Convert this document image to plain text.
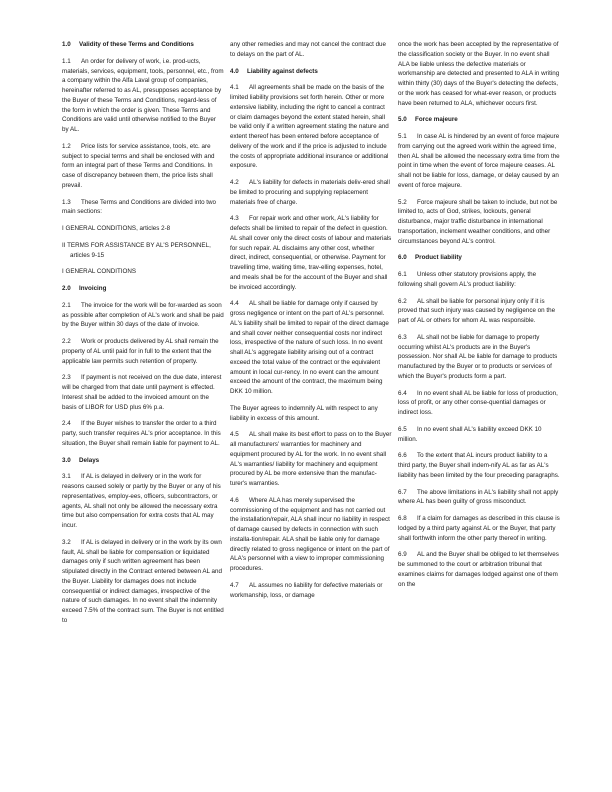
1.0 Validity of these Terms and Conditions

1.1 An order for delivery of work, i.e. prod-ucts, materials, services, equipment, tools, personnel, etc., from a company within the Alfa Laval group of companies, hereinafter referred to as AL, presupposes acceptance by the Buyer of these Terms and Conditions, regard-less of the form in which the order is given. These Terms and Conditions are valid until otherwise notified to the Buyer by AL.

1.2 Price lists for service assistance, tools, etc. are subject to special terms and shall be enclosed with and form an integral part of these Terms and Conditions. In case of discrepancy between them, the price lists shall prevail.

1.3 These Terms and Conditions are divided into two main sections:

I GENERAL CONDITIONS, articles 2-8

II TERMS FOR ASSISTANCE BY AL'S PERSONNEL, articles 9-15

I GENERAL CONDITIONS

2.0 Invoicing

2.1 The invoice for the work will be for-warded as soon as possible after completion of AL's work and shall be paid by the Buyer within 30 days of the date of invoice.

2.2 Work or products delivered by AL shall remain the property of AL until paid for in full to the extent that the applicable law permits such retention of property.

2.3 If payment is not received on the due date, interest will be charged from that date until payment is effected. Interest shall be added to the invoiced amount on the basis of LIBOR for USD plus 6% p.a.

2.4 If the Buyer wishes to transfer the order to a third party, such transfer requires AL's prior acceptance. In this situation, the Buyer shall remain liable for payment to AL.

3.0 Delays

3.1 If AL is delayed in delivery or in the work for reasons caused solely or partly by the Buyer or any of his representatives, employ-ees, officers, subcontractors, or agents, AL shall not only be allowed the necessary extra time but also compensation for extra costs that AL may incur.

3.2 If AL is delayed in delivery or in the work by its own fault, AL shall be liable for compensation or liquidated damages only if such written agreement has been stipulated directly in the Contract entered between AL and the Buyer. Liability for damages does not include consequential or indirect damages, irrespective of the nature of such damages. In no event shall the indemnity exceed 7.5% of the contract sum. The Buyer is not entitled to

any other remedies and may not cancel the contract due to delays on the part of AL.

4.0 Liability against defects

4.1 All agreements shall be made on the basis of the limited liability provisions set forth herein. Other or more extensive liability, including the right to cancel a contract or claim damages beyond the extent stated herein, shall be valid only if a written agreement stating the nature and extent thereof has been entered before acceptance of delivery of the work and if the price is adjusted to include the costs of appropriate additional insurance or additional exposure.

4.2 AL's liability for defects in materials deliv-ered shall be limited to procuring and supplying replacement materials free of charge.

4.3 For repair work and other work, AL's liability for defects shall be limited to repair of the defect in question. AL shall cover only the direct costs of labour and materials for such repair. AL disclaims any other cost, whether direct, indirect, consequential, or otherwise. Payment for travelling time, waiting time, trav-elling expenses, hotel, and meals shall be for the account of the Buyer and shall be invoiced accordingly.

4.4 AL shall be liable for damage only if caused by gross negligence or intent on the part of AL's personnel. AL's liability shall be limited to repair of the direct damage and shall cover neither consequential costs nor indirect loss, irrespective of the nature of such loss. In no event shall AL's aggregate liability arising out of a contract exceed the total value of the contract or the equivalent amount in local cur-rency. In no event can the amount exceed the amount of the contract, the maximum being DKK 10 million.

The Buyer agrees to indemnify AL with respect to any liability in excess of this amount.

4.5 AL shall make its best effort to pass on to the Buyer all manufacturers' warranties for machinery and equipment procured by AL for the work. In no event shall AL's warranties/ liability for machinery and equipment procured by AL be more extensive than the manufac-turer's warranties.

4.6 Where ALA has merely supervised the commissioning of the equipment and has not carried out the installation/repair, ALA shall incur no liability in respect of damage caused by defects in connection with such installa-tion/repair. ALA shall be liable only for damage directly related to gross negligence or intent on the part of ALA's personnel with a view to improper commissioning procedures.

4.7 AL assumes no liability for defective materials or workmanship, loss, or damage

once the work has been accepted by the representative of the classification society or the Buyer. In no event shall ALA be liable unless the defective materials or workmanship are detected and presented to ALA in writing within thirty (30) days of the Buyer's detecting the defects, or the work has ceased for what-ever reason, or products have been returned to ALA, whichever occurs first.

5.0 Force majeure

5.1 In case AL is hindered by an event of force majeure from carrying out the agreed work within the agreed time, then AL shall be allowed the necessary extra time from the point in time when the event of force majeure ceases. AL shall not be liable for loss, damage, or delay caused by an event of force majeure.

5.2 Force majeure shall be taken to include, but not be limited to, acts of God, strikes, lockouts, general disturbance, major traffic disturbance in international transportation, inclement weather conditions, and other circumstances beyond AL's control.

6.0 Product liability

6.1 Unless other statutory provisions apply, the following shall govern AL's product liability:

6.2 AL shall be liable for personal injury only if it is proved that such injury was caused by negligence on the part of AL or others for whom AL was responsible.

6.3 AL shall not be liable for damage to property occurring whilst AL's products are in the Buyer's possession. Nor shall AL be liable for damage to products manufactured by the Buyer or to products or services of which the Buyer's products form a part.

6.4 In no event shall AL be liable for loss of production, loss of profit, or any other conse-quential damages or indirect loss.

6.5 In no event shall AL's liability exceed DKK 10 million.

6.6 To the extent that AL incurs product liability to a third party, the Buyer shall indem-nify AL as far as AL's liability has been limited by the four preceding paragraphs.

6.7 The above limitations in AL's liability shall not apply where AL has been guilty of gross misconduct.

6.8 If a claim for damages as described in this clause is lodged by a third party against AL or the Buyer, that party shall forthwith inform the other party thereof in writing.

6.9 AL and the Buyer shall be obliged to let themselves be summoned to the court or arbitration tribunal that examines claims for damages lodged against one of them on the
